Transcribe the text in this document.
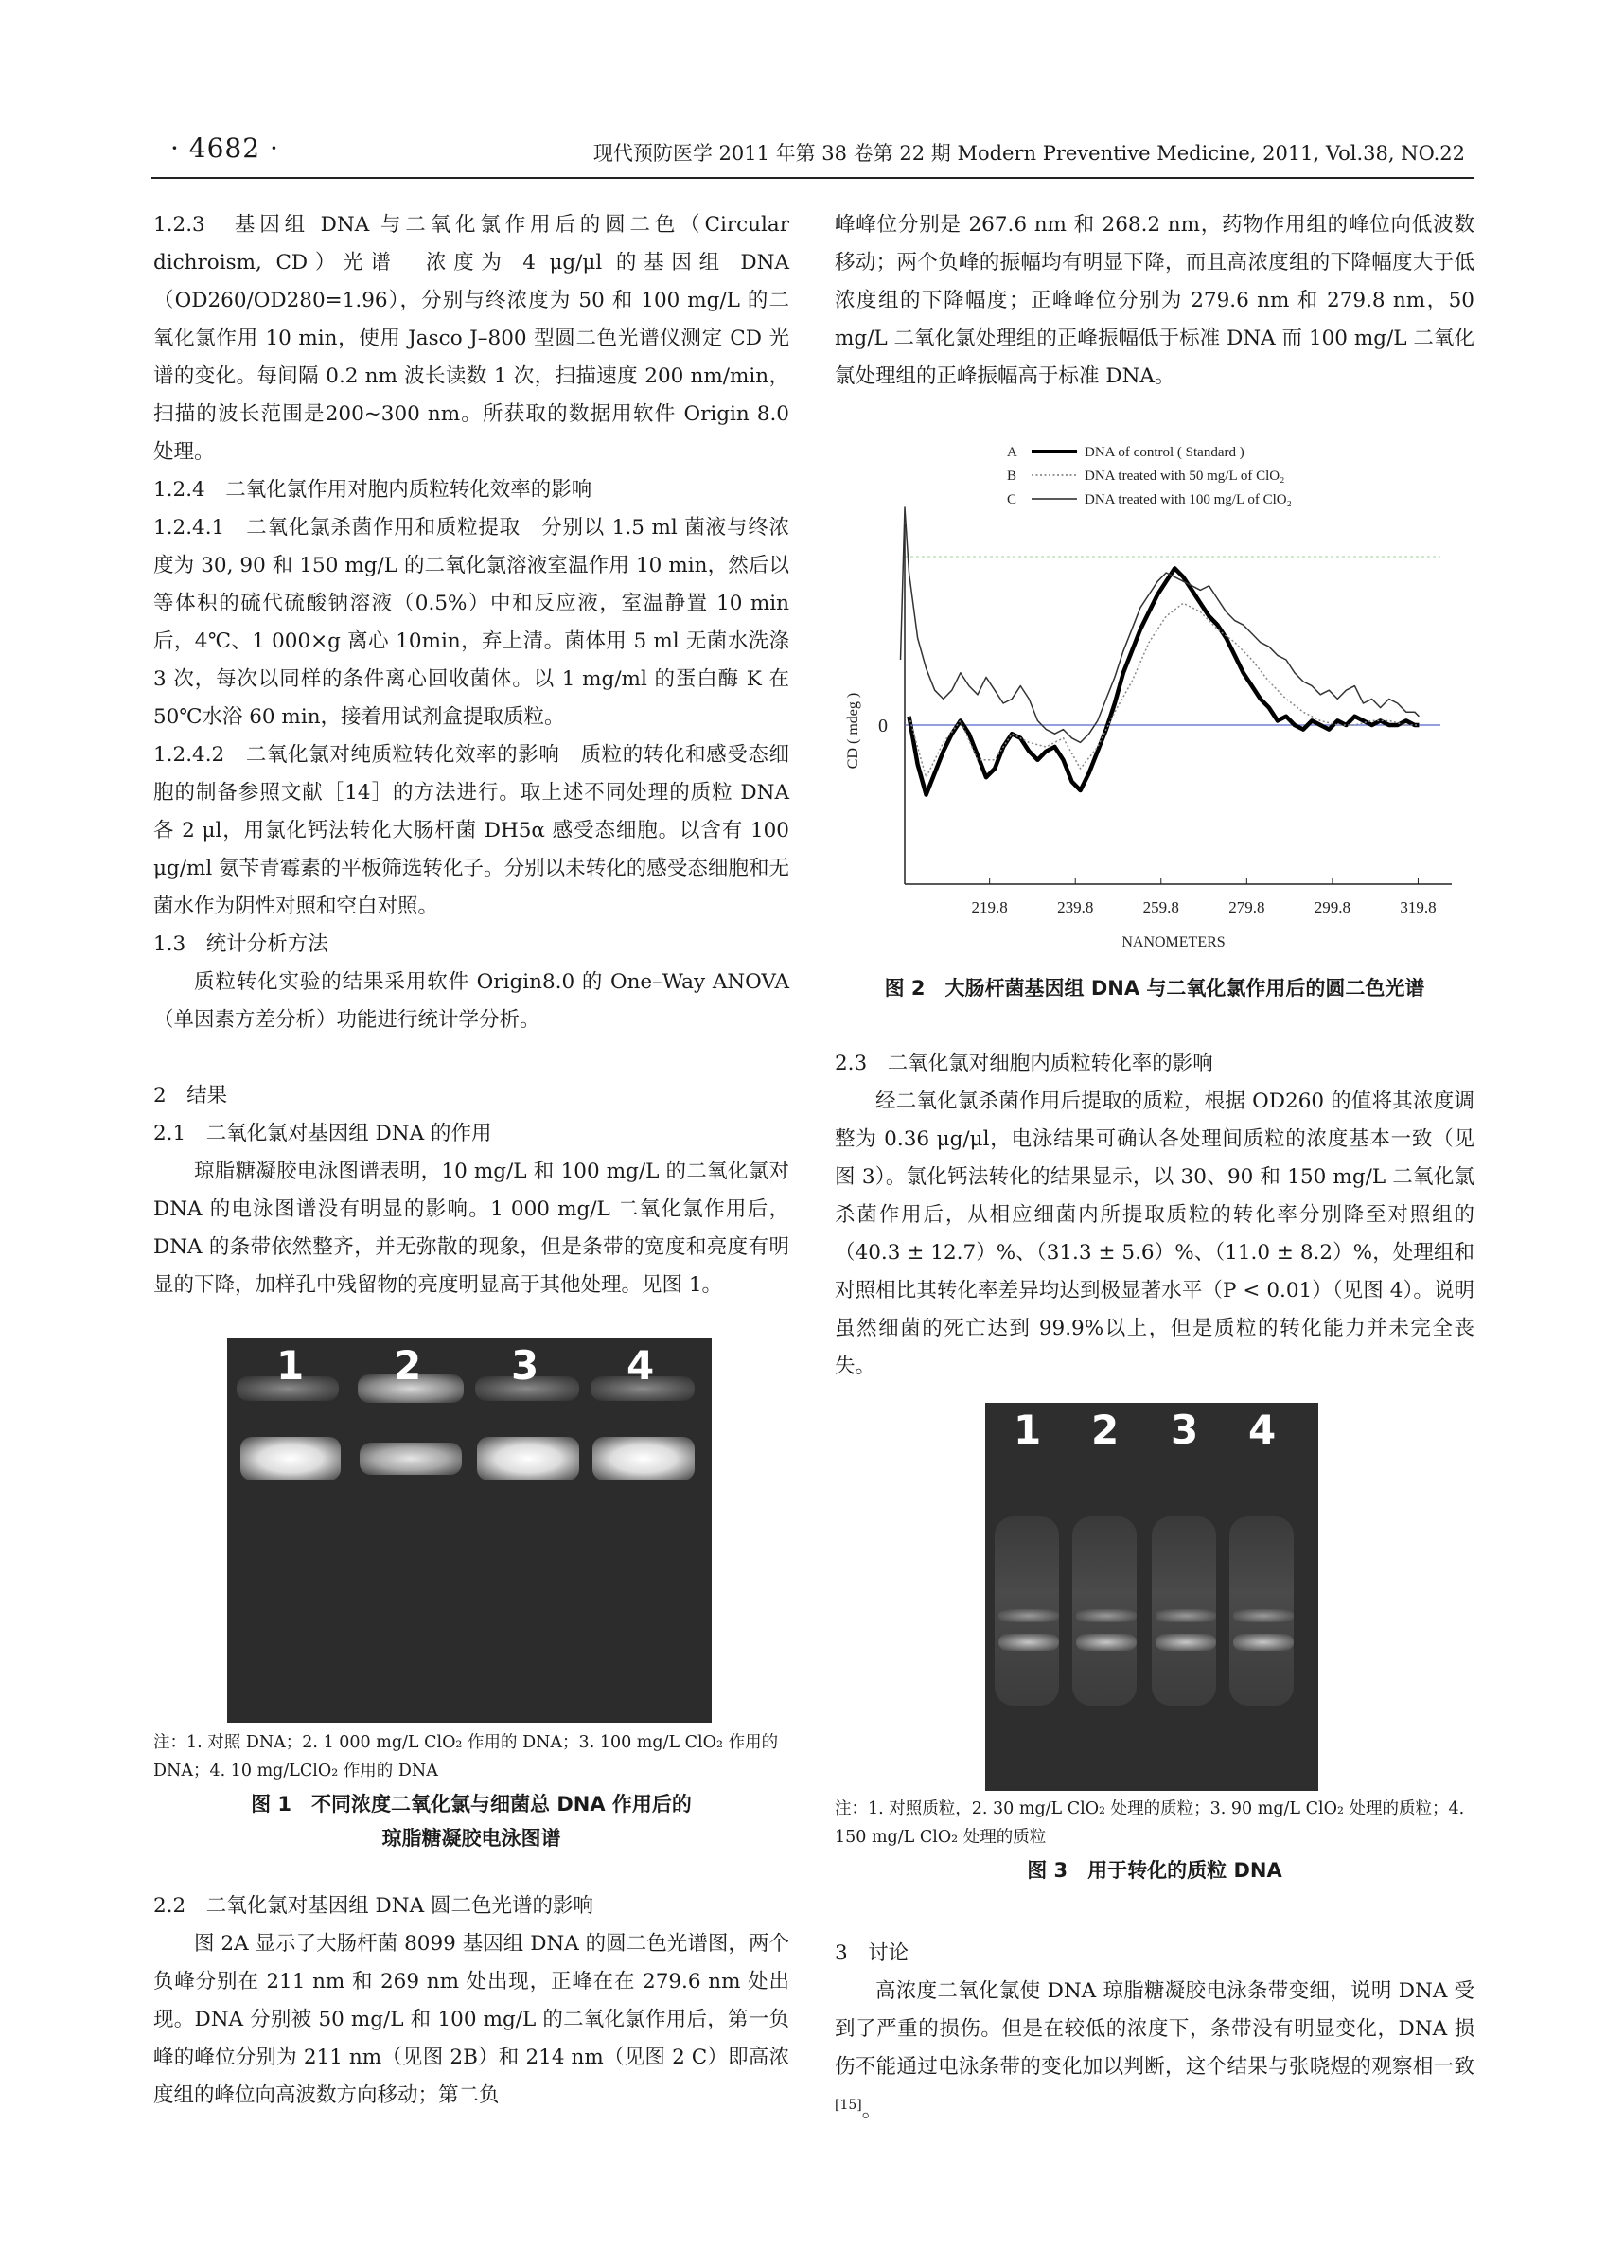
· 4682 ·	现代预防医学 2011 年第 38 卷第 22 期 Modern Preventive Medicine, 2011, Vol.38, NO.22

1.2.3　基因组 DNA 与二氧化氯作用后的圆二色（Circular dichroism, CD）光谱　浓度为 4 μg/μl 的基因组 DNA（OD260/OD280=1.96），分别与终浓度为 50 和 100 mg/L 的二氧化氯作用 10 min，使用 Jasco J–800 型圆二色光谱仪测定 CD 光谱的变化。每间隔 0.2 nm 波长读数 1 次，扫描速度 200 nm/min，扫描的波长范围是200~300 nm。所获取的数据用软件 Origin 8.0 处理。

1.2.4　二氧化氯作用对胞内质粒转化效率的影响

1.2.4.1　二氧化氯杀菌作用和质粒提取　分别以 1.5 ml 菌液与终浓度为 30, 90 和 150 mg/L 的二氧化氯溶液室温作用 10 min，然后以等体积的硫代硫酸钠溶液（0.5%）中和反应液，室温静置 10 min 后，4℃、1 000×g 离心 10min，弃上清。菌体用 5 ml 无菌水洗涤 3 次，每次以同样的条件离心回收菌体。以 1 mg/ml 的蛋白酶 K 在 50℃水浴 60 min，接着用试剂盒提取质粒。

1.2.4.2　二氧化氯对纯质粒转化效率的影响　质粒的转化和感受态细胞的制备参照文献［14］的方法进行。取上述不同处理的质粒 DNA 各 2 μl，用氯化钙法转化大肠杆菌 DH5α 感受态细胞。以含有 100 μg/ml 氨苄青霉素的平板筛选转化子。分别以未转化的感受态细胞和无菌水作为阴性对照和空白对照。

1.3　统计分析方法

质粒转化实验的结果采用软件 Origin8.0 的 One–Way ANOVA（单因素方差分析）功能进行统计学分析。

2　结果

2.1　二氧化氯对基因组 DNA 的作用

琼脂糖凝胶电泳图谱表明，10 mg/L 和 100 mg/L 的二氧化氯对 DNA 的电泳图谱没有明显的影响。1 000 mg/L 二氧化氯作用后，DNA 的条带依然整齐，并无弥散的现象，但是条带的宽度和亮度有明显的下降，加样孔中残留物的亮度明显高于其他处理。见图 1。

1 2 3 4
注：1. 对照 DNA；2. 1 000 mg/L ClO₂ 作用的 DNA；3. 100 mg/L ClO₂ 作用的 DNA；4. 10 mg/LClO₂ 作用的 DNA
图 1　不同浓度二氧化氯与细菌总 DNA 作用后的
琼脂糖凝胶电泳图谱

2.2　二氧化氯对基因组 DNA 圆二色光谱的影响

图 2A 显示了大肠杆菌 8099 基因组 DNA 的圆二色光谱图，两个负峰分别在 211 nm 和 269 nm 处出现，正峰在在 279.6 nm 处出现。DNA 分别被 50 mg/L 和 100 mg/L 的二氧化氯作用后，第一负峰的峰位分别为 211 nm（见图 2B）和 214 nm（见图 2 C）即高浓度组的峰位向高波数方向移动；第二负

峰峰位分别是 267.6 nm 和 268.2 nm，药物作用组的峰位向低波数移动；两个负峰的振幅均有明显下降，而且高浓度组的下降幅度大于低浓度组的下降幅度；正峰峰位分别为 279.6 nm 和 279.8 nm，50 mg/L 二氧化氯处理组的正峰振幅低于标准 DNA 而 100 mg/L 二氧化氯处理组的正峰振幅高于标准 DNA。

A	DNA of control ( Standard )
B	DNA treated with 50 mg/L of ClO₂
C	DNA treated with 100 mg/L of ClO₂
0
CD ( mdeg )
NANOMETERS
219.8	239.8	259.8	279.8	299.8	319.8
图 2　大肠杆菌基因组 DNA 与二氧化氯作用后的圆二色光谱

2.3　二氧化氯对细胞内质粒转化率的影响

经二氧化氯杀菌作用后提取的质粒，根据 OD260 的值将其浓度调整为 0.36 μg/μl，电泳结果可确认各处理间质粒的浓度基本一致（见图 3）。氯化钙法转化的结果显示，以 30、90 和 150 mg/L 二氧化氯杀菌作用后，从相应细菌内所提取质粒的转化率分别降至对照组的（40.3 ± 12.7）%、（31.3 ± 5.6）%、（11.0 ± 8.2）%，处理组和对照相比其转化率差异均达到极显著水平（P < 0.01）（见图 4）。说明虽然细菌的死亡达到 99.9%以上，但是质粒的转化能力并未完全丧失。

1 2 3 4
注：1. 对照质粒，2. 30 mg/L ClO₂ 处理的质粒；3. 90 mg/L ClO₂ 处理的质粒；4. 150 mg/L ClO₂ 处理的质粒
图 3　用于转化的质粒 DNA

3　讨论

高浓度二氧化氯使 DNA 琼脂糖凝胶电泳条带变细，说明 DNA 受到了严重的损伤。但是在较低的浓度下，条带没有明显变化，DNA 损伤不能通过电泳条带的变化加以判断，这个结果与张晓煜的观察相一致[15]。
